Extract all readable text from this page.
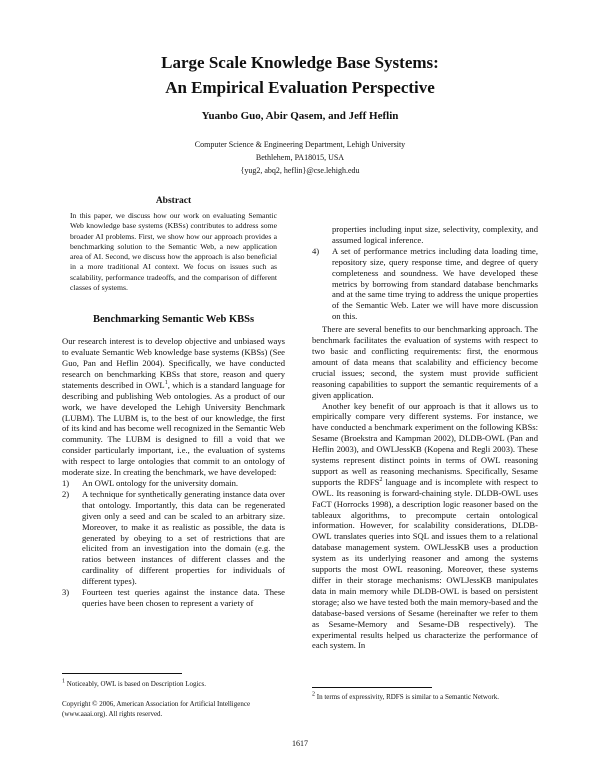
Large Scale Knowledge Base Systems:
An Empirical Evaluation Perspective
Yuanbo Guo, Abir Qasem, and Jeff Heflin
Computer Science & Engineering Department, Lehigh University
Bethlehem, PA18015, USA
{yug2, abq2, heflin}@cse.lehigh.edu
Abstract

In this paper, we discuss how our work on evaluating Semantic Web knowledge base systems (KBSs) contributes to address some broader AI problems. First, we show how our approach provides a benchmarking solution to the Semantic Web, a new application area of AI. Second, we discuss how the approach is also beneficial in a more traditional AI context. We focus on issues such as scalability, performance tradeoffs, and the comparison of different classes of systems.

Benchmarking Semantic Web KBSs

Our research interest is to develop objective and unbiased ways to evaluate Semantic Web knowledge base systems (KBSs) (See Guo, Pan and Heflin 2004). Specifically, we have conducted research on benchmarking KBSs that store, reason and query statements described in OWL$^1$, which is a standard language for describing and publishing Web ontologies. As a product of our work, we have developed the Lehigh University Benchmark (LUBM). The LUBM is, to the best of our knowledge, the first of its kind and has become well recognized in the Semantic Web community. The LUBM is designed to fill a void that we consider particularly important, i.e., the evaluation of systems with respect to large ontologies that commit to an ontology of moderate size. In creating the benchmark, we have developed:

1) An OWL ontology for the university domain.
2) A technique for synthetically generating instance data over that ontology. Importantly, this data can be regenerated given only a seed and can be scaled to an arbitrary size. Moreover, to make it as realistic as possible, the data is generated by obeying to a set of restrictions that are elicited from an investigation into the domain (e.g. the ratios between instances of different classes and the cardinality of different properties for individuals of different types).
3) Fourteen test queries against the instance data. These queries have been chosen to represent a variety of
$^1$ Noticeably, OWL is based on Description Logics.
Copyright © 2006, American Association for Artificial Intelligence (www.aaai.org). All rights reserved.
properties including input size, selectivity, complexity, and assumed logical inference.
4) A set of performance metrics including data loading time, repository size, query response time, and degree of query completeness and soundness. We have developed these metrics by borrowing from standard database benchmarks and at the same time trying to address the unique properties of the Semantic Web. Later we will have more discussion on this.

There are several benefits to our benchmarking approach. The benchmark facilitates the evaluation of systems with respect to two basic and conflicting requirements: first, the enormous amount of data means that scalability and efficiency become crucial issues; second, the system must provide sufficient reasoning capabilities to support the semantic requirements of a given application.

Another key benefit of our approach is that it allows us to empirically compare very different systems. For instance, we have conducted a benchmark experiment on the following KBSs: Sesame (Broekstra and Kampman 2002), DLDB-OWL (Pan and Heflin 2003), and OWLJessKB (Kopena and Regli 2003). These systems represent distinct points in terms of OWL reasoning support as well as reasoning mechanisms. Specifically, Sesame supports the RDFS$^2$ language and is incomplete with respect to OWL. Its reasoning is forward-chaining style. DLDB-OWL uses FaCT (Horrocks 1998), a description logic reasoner based on the tableaux algorithms, to precompute certain ontological information. However, for scalability considerations, DLDB-OWL translates queries into SQL and issues them to a relational database management system. OWLJessKB uses a production system as its underlying reasoner and among the systems supports the most OWL reasoning. Moreover, these systems differ in their storage mechanisms: OWLJessKB manipulates data in main memory while DLDB-OWL is based on persistent storage; also we have tested both the main memory-based and the database-based versions of Sesame (hereinafter we refer to them as Sesame-Memory and Sesame-DB respectively). The experimental results helped us characterize the performance of each system. In

$^2$ In terms of expressivity, RDFS is similar to a Semantic Network.
1617
